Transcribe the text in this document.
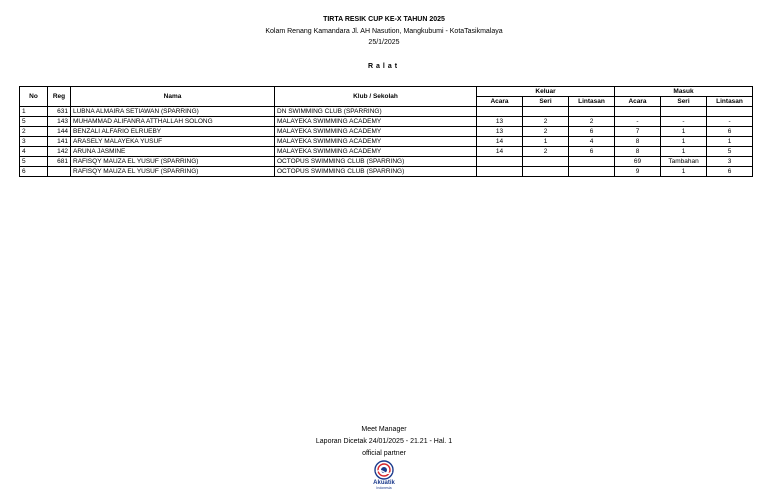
TIRTA RESIK CUP KE-X TAHUN 2025
Kolam Renang Kamandara Jl. AH Nasution, Mangkubumi - KotaTasikmalaya
25/1/2025
Ralat
No	Reg	Nama	Klub / Sekolah	Keluar			Masuk		
				Acara	Seri	Lintasan	Acara	Seri	Lintasan
1	631	LUBNA ALMAIRA SETIAWAN (SPARRING)	DN SWIMMING CLUB (SPARRING)						
5	143	MUHAMMAD ALIFANRA ATTHALLAH SOLONG	MALAYEKA SWIMMING ACADEMY	13	2	2	-	-	-
2	144	BENZALI ALFARIO ELRUEBY	MALAYEKA SWIMMING ACADEMY	13	2	6	7	1	6
3	141	ARASELY MALAYEKA YUSUF	MALAYEKA SWIMMING ACADEMY	14	1	4	8	1	1
4	142	ARUNA JASMINE	MALAYEKA SWIMMING ACADEMY	14	2	6	8	1	5
5	681	RAFISQY MAUZA EL YUSUF (SPARRING)	OCTOPUS SWIMMING CLUB (SPARRING)				69	Tambahan	3
6		RAFISQY MAUZA EL YUSUF (SPARRING)	OCTOPUS SWIMMING CLUB (SPARRING)				9	1	6
Meet Manager
Laporan Dicetak 24/01/2025 - 21.21 - Hal. 1
official partner
Akuatik
Indonesia
